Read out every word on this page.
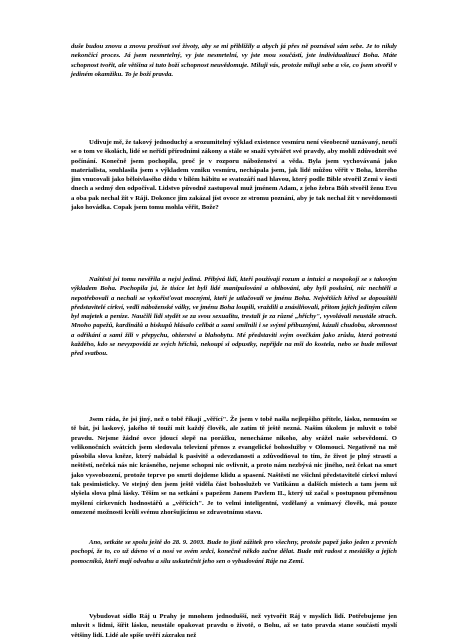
duše budou znovu a znovu prožívat své životy, aby se mi přiblížily a abych já přes ně poznával sám sebe. Je to nikdy nekončící proces. Já jsem nesmrtelný, vy jste nesmrtelní, vy jste mou součástí, jste individualizací Boha. Máte schopnost tvořit, ale většina si tuto boží schopnost neuvědomuje. Miluji vás, protože miluji sebe a vše, co jsem stvořil v jediném okamžiku. To je boží pravda.

Udivuje mě, že takový jednoduchý a srozumitelný výklad existence vesmíru není všeobecně uznávaný, neučí se o tom ve školách, lidé se neřídí přírodními zákony a stále se snaží vytvářet své pravdy, aby mohli zdůvodnit své počínání. Konečně jsem pochopila, proč je v rozporu náboženství a věda. Byla jsem vychovávaná jako materialista, souhlasila jsem s výkladem vzniku vesmíru, nechápala jsem, jak lidé můžou věřit v Boha, kterého jim vnucovali jako běloivlasého dědu v bílém hábitu se svatozáří nad hlavou, který podle Bible stvořil Zemi v šesti dnech a sedmý den odpočíval. Lidstvo původně zastupoval muž jménem Adam, z jeho žebra Bůh stvořil ženu Evu a oba pak nechal žít v Ráji. Dokonce jim zakázal jíst ovoce ze stromu poznání, aby je tak nechal žít v nevědomosti jako hovádka. Copak jsem tomu mohla věřit, Bože?

Naštěstí jsi tomu nevěřila a nejsi jediná. Přibývá lidí, kteří používají rozum a intuici a nespokojí se s takovým výkladem Boha. Pochopila jsi, že tisíce let byli lidé manipulováni a ohlbováni, aby byli poslušní, nic nechtěli a nepotřebovali a nechali se vykořisťovat mocnými, kteří je utlačovali ve jménu Boha. Největších křivd se dopouštěli představitelé církví, vedli náboženské války, ve jménu Boha loupili, vraždili a znásilňovali, přitom jejich jediným cílem byl majetek a peníze. Naučili lidi stydět se za svou sexualitu, trestali je za různé „hříchy", vyvolávali neustále strach. Mnoho papežů, kardinálů a biskupů hlásalo celibát a sami smilnili i se svými příbuznými, kázali chudobu, skromnost a odříkání a sami žili v přepychu, obžerství a blahobytu. Mé představiti svým ovečkám jako zrůdu, která potrestá každého, kdo se nevyzpovídá ze svých hříchů, nekoupí si odpustky, nepřijde na mši do kostela, nebo se bude milovat před svatbou.

Jsem ráda, že jsi jiný, než o tobě říkají „věřící". Že jsem v tobě našla nejlepšího přítele, lásku, nemusím se tě bát, jsi laskový, jakého tě touží mít každý člověk, ale zatím tě ještě nezná. Naším úkolem je mluvit o tobě pravdu. Nejsme žádné ovce jdoucí slepě na porážku, nenecháme nikoho, aby srážel naše sebevědomí. O velikonočních svátcích jsem sledovala televizní přenos z evangelické bohoslužby v Olomouci. Negativně na mě působila slova kněze, který nabádal k pasivitě a odevzdanosti a zdůvodňoval to tím, že život je plný strastí a neštěstí, nečeká nás nic krásného, nejsme schopni nic ovlivnit, a proto nám nezbývá nic jiného, než čekat na smrt jako vysvobození, protože teprve po smrti dojdeme klidu a spasení. Naštěstí ne všichni představitelé církví mluví tak pesimisticky. Ve stejný den jsem ještě viděla část bohoslužeb ve Vatikánu a dalších místech a tam jsem už slyšela slova plná lásky. Těším se na setkání s papežem Janem Pavlem II., který už začal s postupnou přeměnou myšlení církevních hodnostářů a „věřících". Je to velmi inteligentní, vzdělaný a vnímavý člověk, má pouze omezené možnosti kvůli svému zhoršujícímu se zdravotnímu stavu.

Ano, setkáte se spolu ještě do 28. 9. 2003. Bude to jistě zážitek pro všechny, protože papež jako jeden z prvních pochopí, že to, co už dávno ví a nosí ve svém srdci, konečně někdo začne dělat. Bude mít radost z mesiášky a jejích pomocníků, kteří mají odvahu a sílu uskutečnit jeho sen o vybudování Ráje na Zemi.

Vybudovat sídlo Ráj u Prahy je mnohem jednodušší, než vytvořit Ráj v myslích lidí. Potřebujeme jen mluvit s lidmi, šířit lásku, neustále opakovat pravdu o životě, o Bohu, až se tato pravda stane součástí myslí většiny lidí. Lidé ale spíše uvěří zázraku než
